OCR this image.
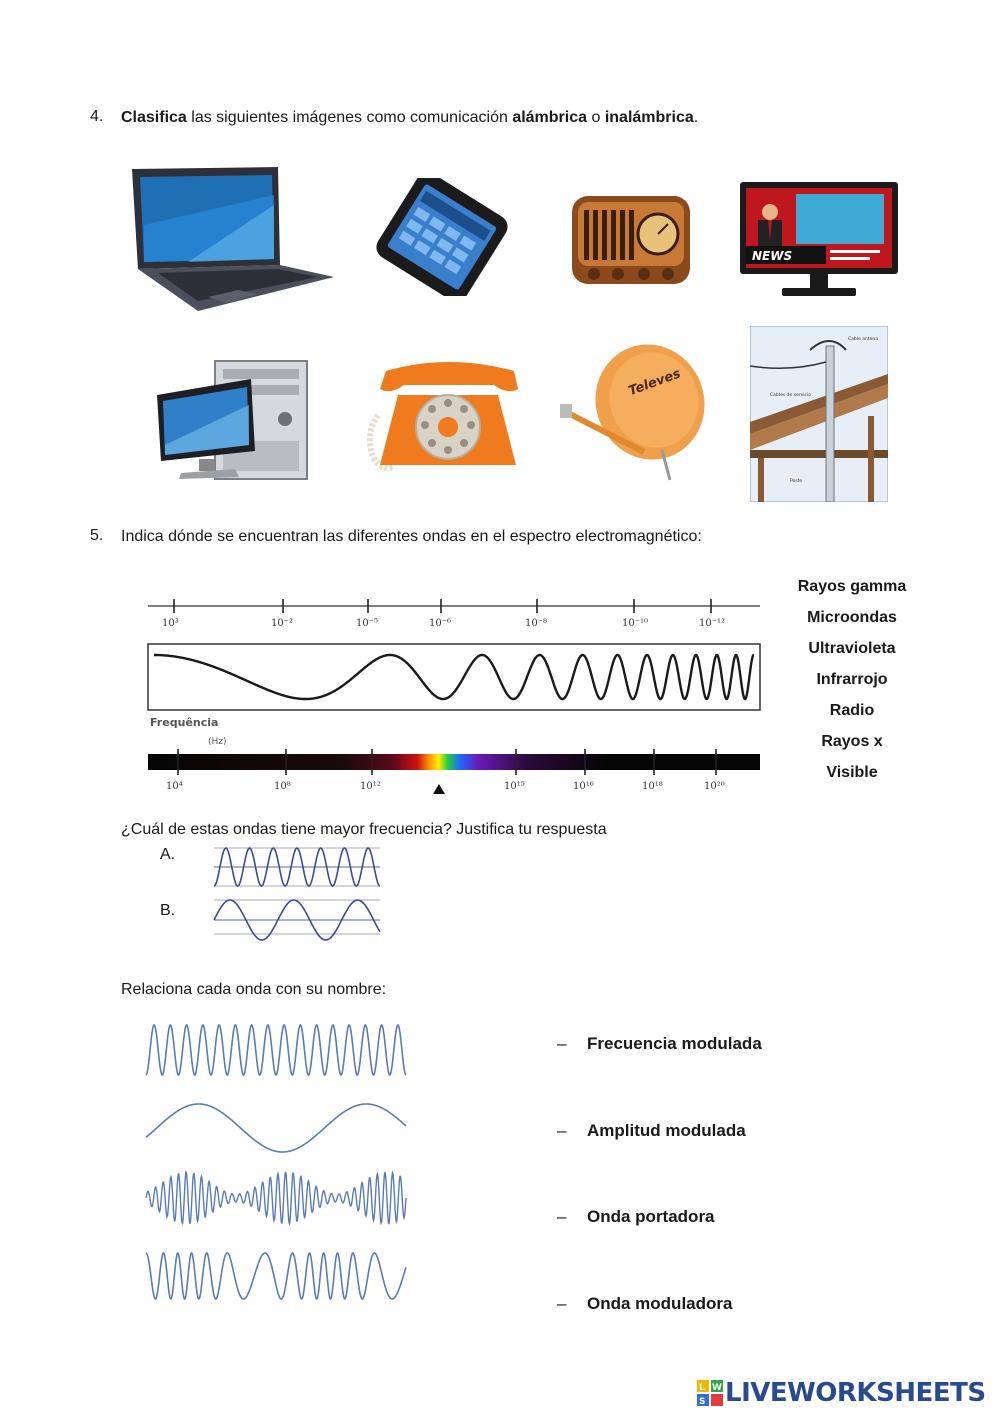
4. Clasifica las siguientes imágenes como comunicación alámbrica o inalámbrica.
NEWS
Televes
Cable antena
Cables de servicio
Poste
5. Indica dónde se encuentran las diferentes ondas en el espectro electromagnético:
10³	10⁻²	10⁻⁵	10⁻⁶	10⁻⁸	10⁻¹⁰	10⁻¹²
Frequência
(Hz)
10⁴	10⁸	10¹²	10¹⁵	10¹⁶	10¹⁸	10²⁰
Rayos gamma
Microondas
Ultravioleta
Infrarrojo
Radio
Rayos x
Visible
¿Cuál de estas ondas tiene mayor frecuencia? Justifica tu respuesta
A.
B.
Relaciona cada onda con su nombre:
– Frecuencia modulada
– Amplitud modulada
– Onda portadora
– Onda moduladora
L W
S LIVEWORKSHEETS
